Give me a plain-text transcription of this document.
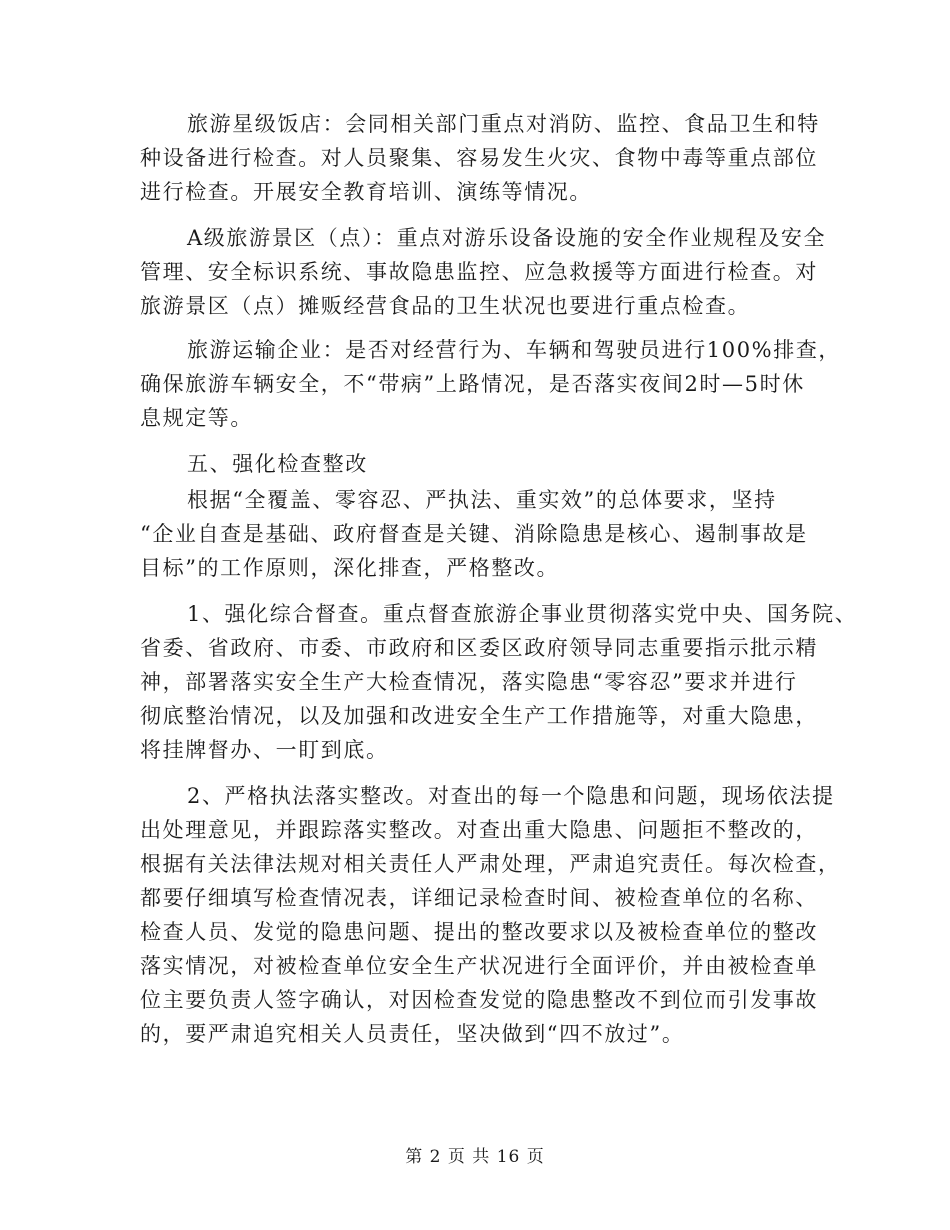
旅游星级饭店：会同相关部门重点对消防、监控、食品卫生和特
种设备进行检查。对人员聚集、容易发生火灾、食物中毒等重点部位
进行检查。开展安全教育培训、演练等情况。
A级旅游景区（点）：重点对游乐设备设施的安全作业规程及安全
管理、安全标识系统、事故隐患监控、应急救援等方面进行检查。对
旅游景区（点）摊贩经营食品的卫生状况也要进行重点检查。
旅游运输企业：是否对经营行为、车辆和驾驶员进行100%排查，
确保旅游车辆安全，不“带病”上路情况，是否落实夜间2时—5时休
息规定等。
五、强化检查整改
根据“全覆盖、零容忍、严执法、重实效”的总体要求，坚持
“企业自查是基础、政府督查是关键、消除隐患是核心、遏制事故是
目标”的工作原则，深化排查，严格整改。
1、强化综合督查。重点督查旅游企事业贯彻落实党中央、国务院、
省委、省政府、市委、市政府和区委区政府领导同志重要指示批示精
神，部署落实安全生产大检查情况，落实隐患“零容忍”要求并进行
彻底整治情况，以及加强和改进安全生产工作措施等，对重大隐患，
将挂牌督办、一盯到底。
2、严格执法落实整改。对查出的每一个隐患和问题，现场依法提
出处理意见，并跟踪落实整改。对查出重大隐患、问题拒不整改的，
根据有关法律法规对相关责任人严肃处理，严肃追究责任。每次检查，
都要仔细填写检查情况表，详细记录检查时间、被检查单位的名称、
检查人员、发觉的隐患问题、提出的整改要求以及被检查单位的整改
落实情况，对被检查单位安全生产状况进行全面评价，并由被检查单
位主要负责人签字确认，对因检查发觉的隐患整改不到位而引发事故
的，要严肃追究相关人员责任，坚决做到“四不放过”。
第 2 页 共 16 页
